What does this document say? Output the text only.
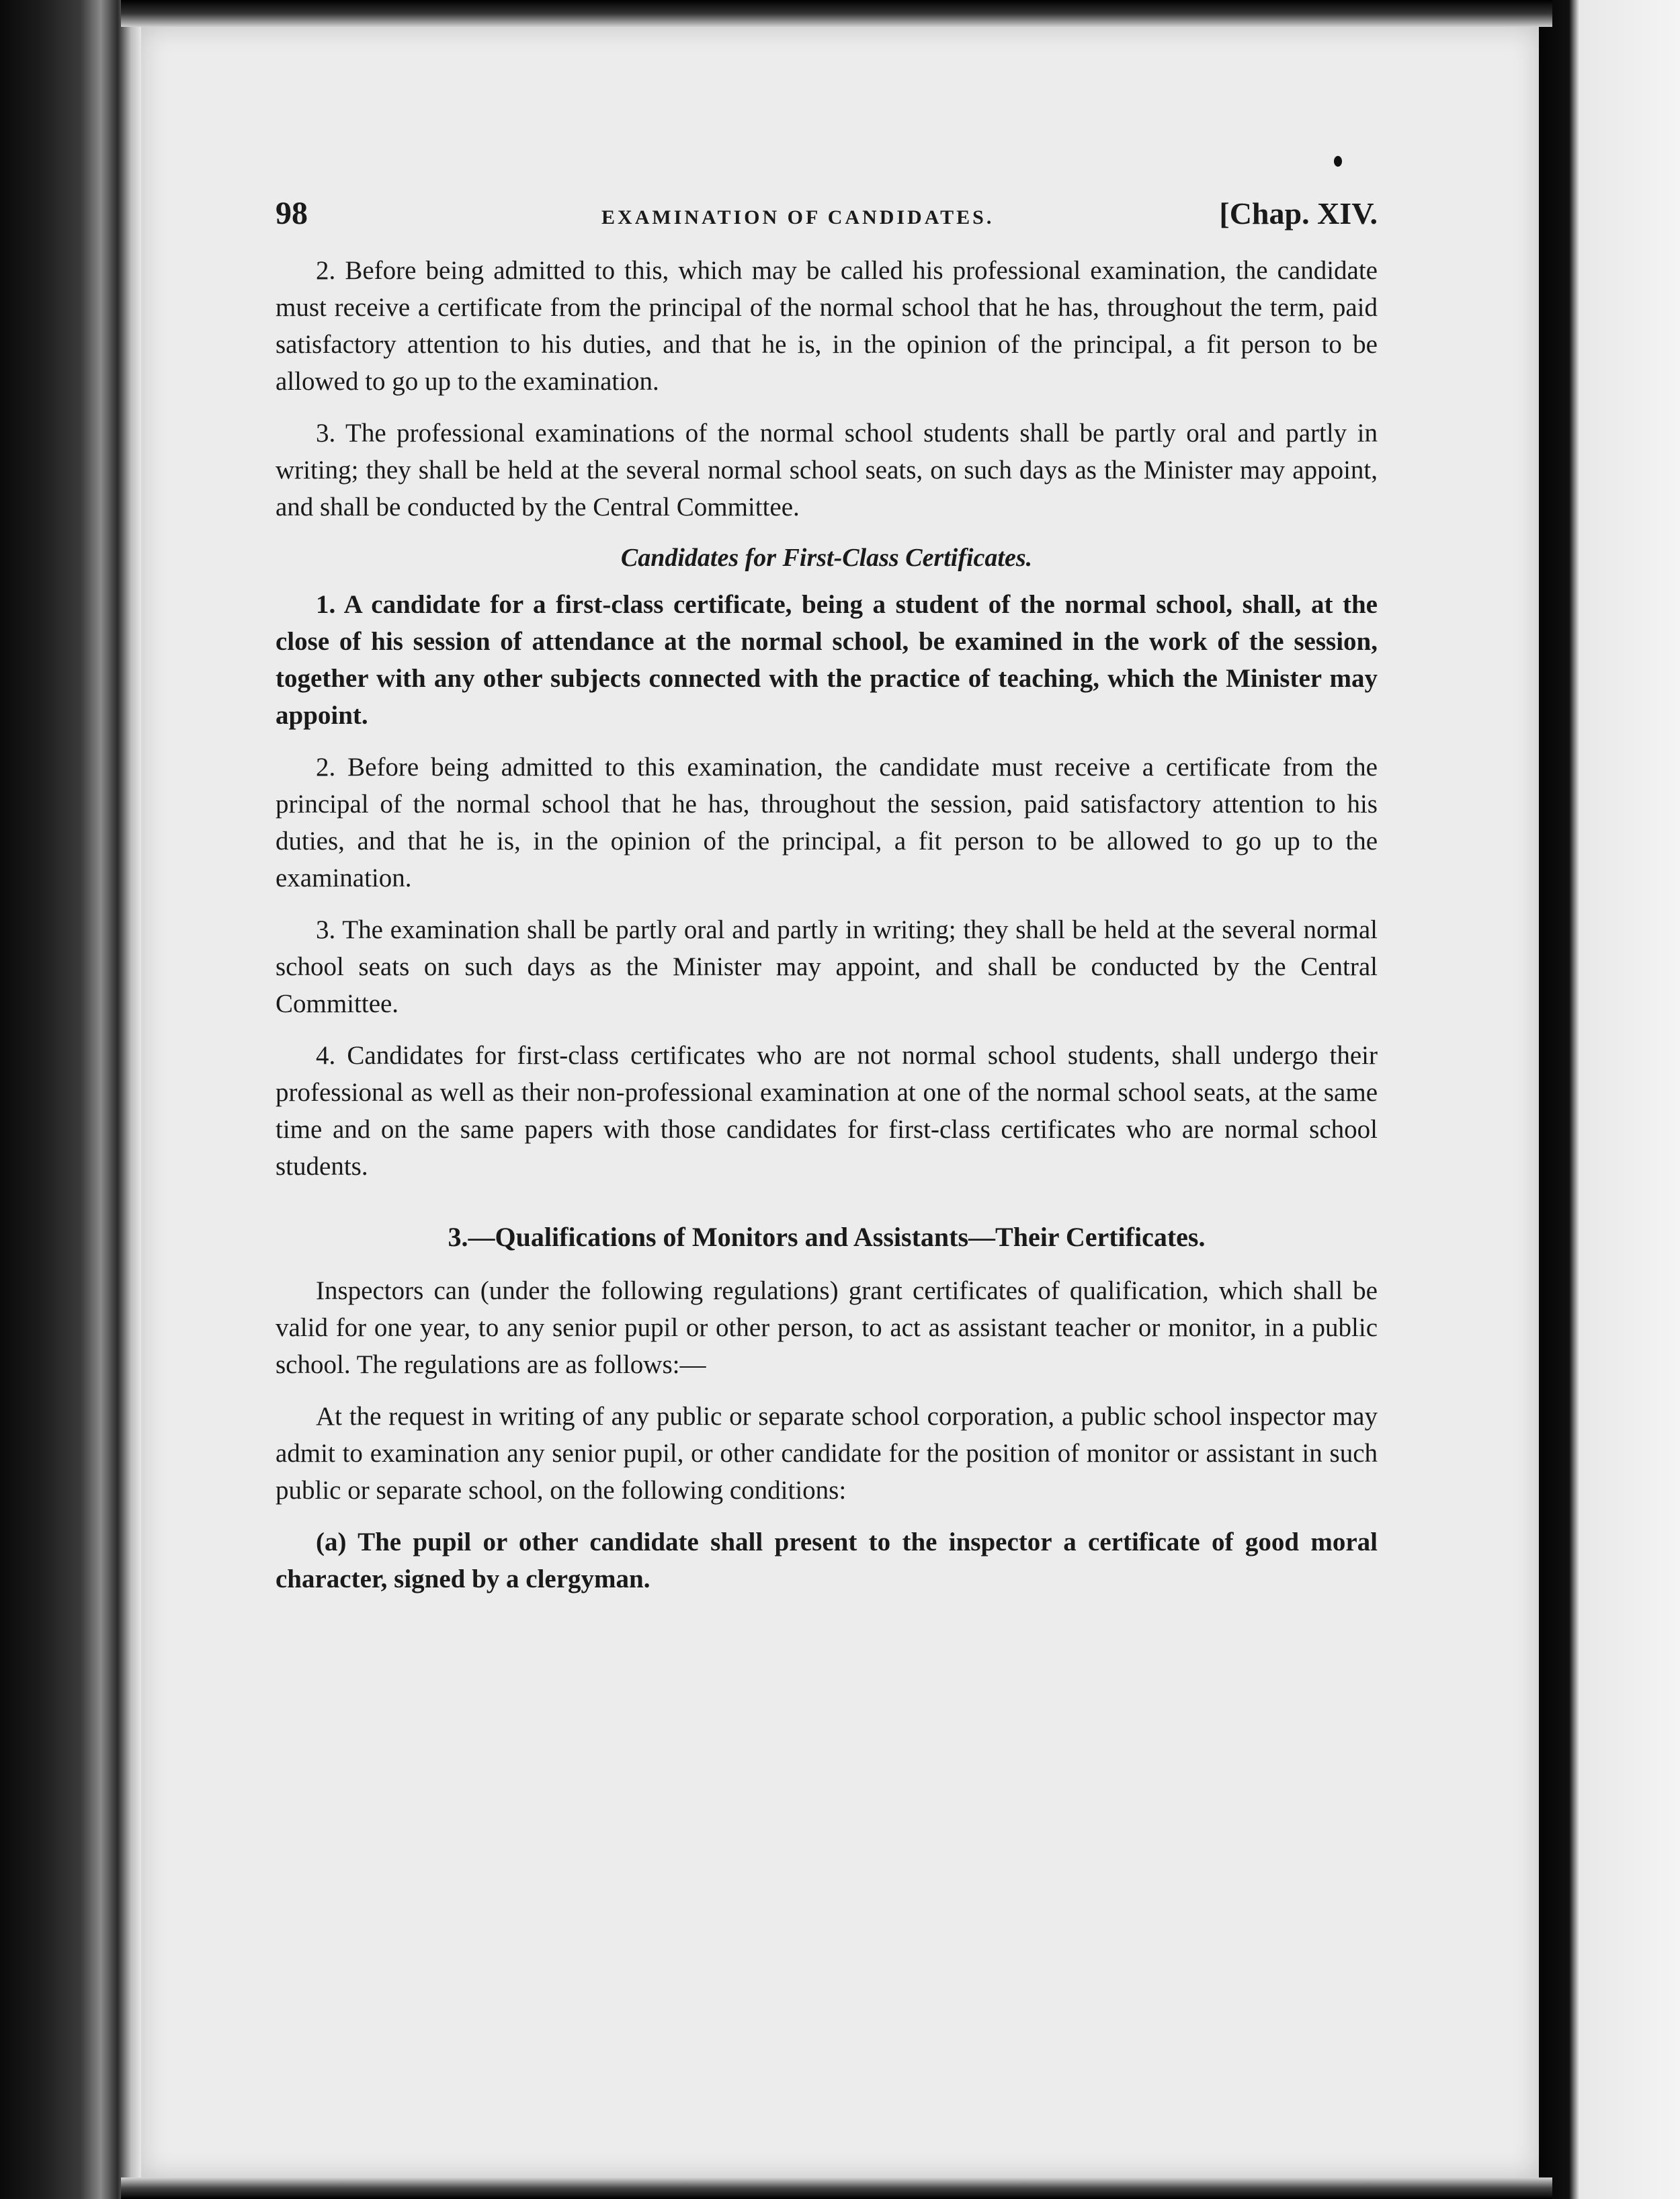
98	EXAMINATION OF CANDIDATES.	[Chap. XIV.

2. Before being admitted to this, which may be called his professional examination, the candidate must receive a certificate from the principal of the normal school that he has, throughout the term, paid satisfactory attention to his duties, and that he is, in the opinion of the principal, a fit person to be allowed to go up to the examination.

3. The professional examinations of the normal school students shall be partly oral and partly in writing; they shall be held at the several normal school seats, on such days as the Minister may appoint, and shall be conducted by the Central Committee.

Candidates for First-Class Certificates.

1. A candidate for a first-class certificate, being a student of the normal school, shall, at the close of his session of attendance at the normal school, be examined in the work of the session, together with any other subjects connected with the practice of teaching, which the Minister may appoint.

2. Before being admitted to this examination, the candidate must receive a certificate from the principal of the normal school that he has, throughout the session, paid satisfactory attention to his duties, and that he is, in the opinion of the principal, a fit person to be allowed to go up to the examination.

3. The examination shall be partly oral and partly in writing; they shall be held at the several normal school seats on such days as the Minister may appoint, and shall be conducted by the Central Committee.

4. Candidates for first-class certificates who are not normal school students, shall undergo their professional as well as their non-professional examination at one of the normal school seats, at the same time and on the same papers with those candidates for first-class certificates who are normal school students.

3.—Qualifications of Monitors and Assistants—Their Certificates.

Inspectors can (under the following regulations) grant certificates of qualification, which shall be valid for one year, to any senior pupil or other person, to act as assistant teacher or monitor, in a public school. The regulations are as follows:—

At the request in writing of any public or separate school corporation, a public school inspector may admit to examination any senior pupil, or other candidate for the position of monitor or assistant in such public or separate school, on the following conditions:

(a) The pupil or other candidate shall present to the inspector a certificate of good moral character, signed by a clergyman.
